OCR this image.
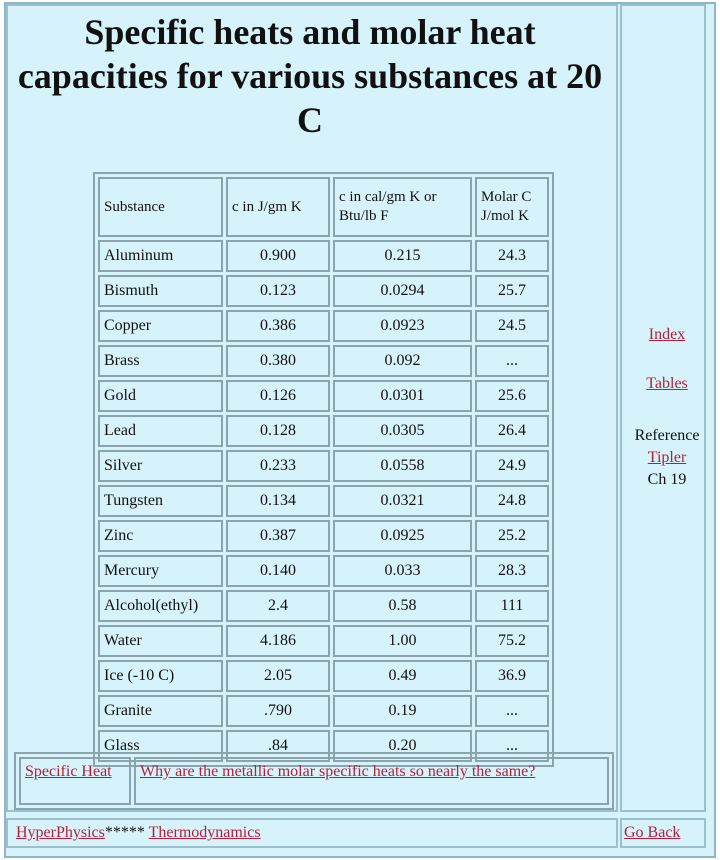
Specific heats and molar heat capacities for various substances at 20 C
Substance	c in J/gm K	c in cal/gm K or Btu/lb F	Molar C J/mol K
Aluminum	0.900	0.215	24.3
Bismuth	0.123	0.0294	25.7
Copper	0.386	0.0923	24.5
Brass	0.380	0.092	...
Gold	0.126	0.0301	25.6
Lead	0.128	0.0305	26.4
Silver	0.233	0.0558	24.9
Tungsten	0.134	0.0321	24.8
Zinc	0.387	0.0925	25.2
Mercury	0.140	0.033	28.3
Alcohol(ethyl)	2.4	0.58	111
Water	4.186	1.00	75.2
Ice (-10 C)	2.05	0.49	36.9
Granite	.790	0.19	...
Glass	.84	0.20	...
Specific Heat	Why are the metallic molar specific heats so nearly the same?
Index
Tables
Reference
Tipler
Ch 19
HyperPhysics***** Thermodynamics	Go Back
